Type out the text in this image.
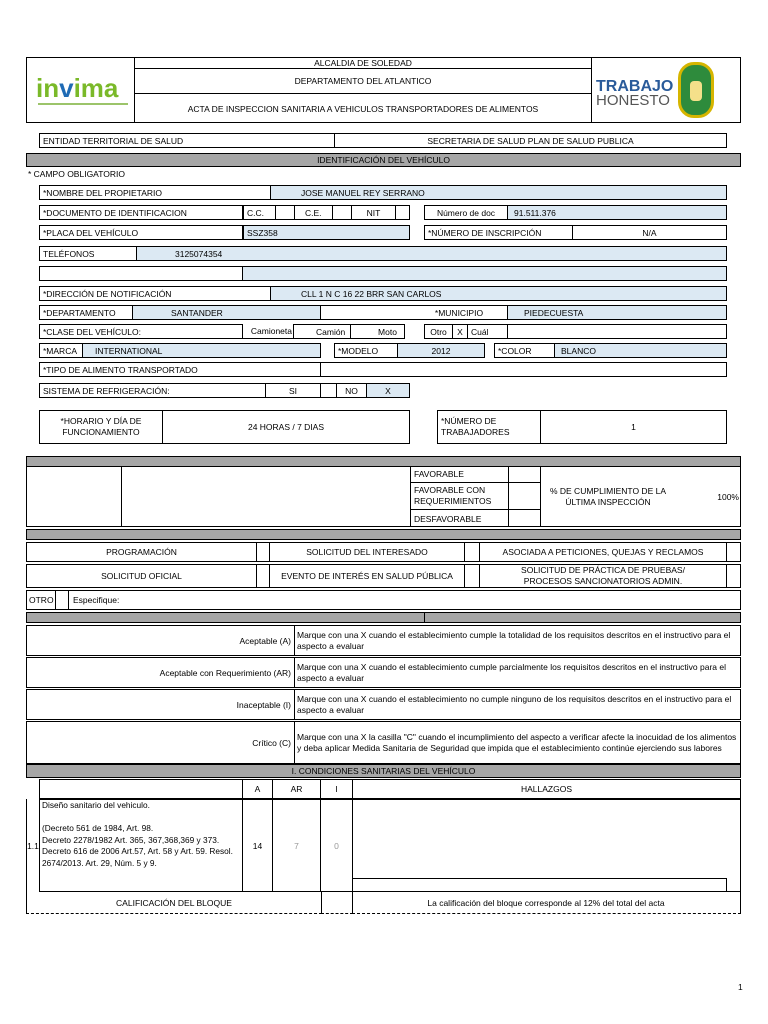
invima
ALCALDIA DE SOLEDAD
DEPARTAMENTO DEL ATLANTICO
ACTA DE INSPECCION SANITARIA A VEHICULOS TRANSPORTADORES DE ALIMENTOS
TRABAJO
HONESTO
ENTIDAD TERRITORIAL DE SALUD	SECRETARIA DE SALUD PLAN DE SALUD PUBLICA
IDENTIFICACIÓN DEL VEHÍCULO
* CAMPO OBLIGATORIO
*NOMBRE DEL PROPIETARIO	JOSE MANUEL REY SERRANO
*DOCUMENTO DE IDENTIFICACION	C.C.	C.E.	NIT	Número de doc	91.511.376
*PLACA DEL VEHÍCULO	SSZ358	*NÚMERO DE INSCRIPCIÓN	N/A
TELÉFONOS	3125074354
*DIRECCIÓN DE NOTIFICACIÓN	CLL 1 N C 16 22 BRR SAN CARLOS
*DEPARTAMENTO	SANTANDER	*MUNICIPIO	PIEDECUESTA
*CLASE DEL VEHÍCULO:	Camioneta	Camión	Moto	Otro	X Cuál
*MARCA	INTERNATIONAL	*MODELO	2012	*COLOR	BLANCO
*TIPO DE ALIMENTO TRANSPORTADO
SISTEMA DE REFRIGERACIÓN:	SI	NO	X
*HORARIO Y DÍA DE FUNCIONAMIENTO	24 HORAS / 7 DIAS
*NÚMERO DE TRABAJADORES	1
FAVORABLE
FAVORABLE CON REQUERIMIENTOS
DESFAVORABLE
% DE CUMPLIMIENTO DE LA ÚLTIMA INSPECCIÓN	100%
PROGRAMACIÓN	SOLICITUD DEL INTERESADO	ASOCIADA A PETICIONES, QUEJAS Y RECLAMOS
SOLICITUD OFICIAL	EVENTO DE INTERÉS EN SALUD PÚBLICA
SOLICITUD DE PRÁCTICA DE PRUEBAS/ PROCESOS SANCIONATORIOS ADMIN.
OTRO	Especifique:
Aceptable (A)
Marque con una X cuando el establecimiento cumple la totalidad de los requisitos descritos en el instructivo para el aspecto a evaluar
Aceptable con Requerimiento (AR)
Marque con una X cuando el establecimiento cumple parcialmente los requisitos descritos en el instructivo para el aspecto a evaluar
Inaceptable (I)
Marque con una X cuando el establecimiento no cumple ninguno de los requisitos descritos en el instructivo para el aspecto a evaluar
Crítico (C)
Marque con una X la casilla "C" cuando el incumplimiento del aspecto a verificar afecte la inocuidad de los alimentos y deba aplicar Medida Sanitaria de Seguridad que impida que el establecimiento continúe ejerciendo sus labores
I. CONDICIONES SANITARIAS DEL VEHÍCULO
A	AR	I	HALLAZGOS
1.1
Diseño sanitario del vehiculo.

(Decreto 561 de 1984, Art. 98.
Decreto 2278/1982 Art. 365, 367,368,369 y 373.
Decreto 616 de 2006 Art.57, Art. 58 y Art. 59. Resol. 2674/2013. Art. 29, Núm. 5 y 9.
14	7	0
CALIFICACIÓN DEL BLOQUE	La calificación del bloque corresponde al 12% del total del acta
1
